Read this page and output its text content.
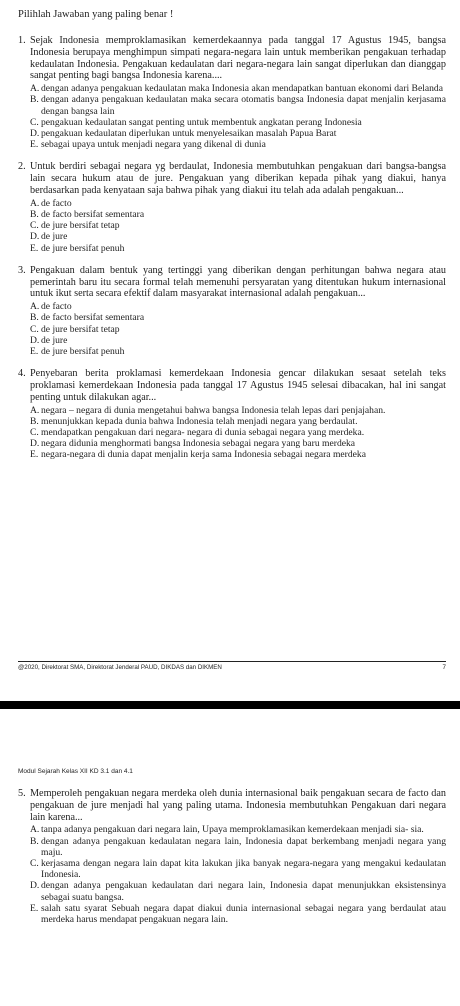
Pilihlah Jawaban yang paling benar !
1. Sejak Indonesia memproklamasikan kemerdekaannya pada tanggal 17 Agustus 1945, bangsa Indonesia berupaya menghimpun simpati negara-negara lain untuk memberikan pengakuan terhadap kedaulatan Indonesia. Pengakuan kedaulatan dari negara-negara lain sangat diperlukan dan dianggap sangat penting bagi bangsa Indonesia karena....
A. dengan adanya pengakuan kedaulatan maka Indonesia akan mendapatkan bantuan ekonomi dari Belanda
B. dengan adanya pengakuan kedaulatan maka secara otomatis bangsa Indonesia dapat menjalin kerjasama dengan bangsa lain
C. pengakuan kedaulatan sangat penting untuk membentuk angkatan perang Indonesia
D. pengakuan kedaulatan diperlukan untuk menyelesaikan masalah Papua Barat
E. sebagai upaya untuk menjadi negara yang dikenal di dunia
2. Untuk berdiri sebagai negara yg berdaulat, Indonesia membutuhkan pengakuan dari bangsa-bangsa lain secara hukum atau de jure. Pengakuan yang diberikan kepada pihak yang diakui, hanya berdasarkan pada kenyataan saja bahwa pihak yang diakui itu telah ada adalah pengakuan...
A. de facto
B. de facto bersifat sementara
C. de jure bersifat tetap
D. de jure
E. de jure bersifat penuh
3. Pengakuan dalam bentuk yang tertinggi yang diberikan dengan perhitungan bahwa negara atau pemerintah baru itu secara formal telah memenuhi persyaratan yang ditentukan hukum internasional untuk ikut serta secara efektif dalam masyarakat internasional adalah pengakuan...
A. de facto
B. de facto bersifat sementara
C. de jure bersifat tetap
D. de jure
E. de jure bersifat penuh
4. Penyebaran berita proklamasi kemerdekaan Indonesia gencar dilakukan sesaat setelah teks proklamasi kemerdekaan Indonesia pada tanggal 17 Agustus 1945 selesai dibacakan, hal ini sangat penting untuk dilakukan agar...
A. negara – negara di dunia mengetahui bahwa bangsa Indonesia telah lepas dari penjajahan.
B. menunjukkan kepada dunia bahwa Indonesia telah menjadi negara yang berdaulat.
C. mendapatkan pengakuan dari negara- negara di dunia sebagai negara yang merdeka.
D. negara didunia menghormati bangsa Indonesia sebagai negara yang baru merdeka
E. negara-negara di dunia dapat menjalin kerja sama Indonesia sebagai negara merdeka
@2020, Direktorat SMA, Direktorat Jenderal PAUD, DIKDAS dan DIKMEN	7
Modul Sejarah Kelas XII KD 3.1 dan 4.1
5. Memperoleh pengakuan negara merdeka oleh dunia internasional baik pengakuan secara de facto dan pengakuan de jure menjadi hal yang paling utama. Indonesia membutuhkan Pengakuan dari negara lain karena...
A. tanpa adanya pengakuan dari negara lain, Upaya memproklamasikan kemerdekaan menjadi sia- sia.
B. dengan adanya pengakuan kedaulatan negara lain, Indonesia dapat berkembang menjadi negara yang maju.
C. kerjasama dengan negara lain dapat kita lakukan jika banyak negara-negara yang mengakui kedaulatan Indonesia.
D. dengan adanya pengakuan kedaulatan dari negara lain, Indonesia dapat menunjukkan eksistensinya sebagai suatu bangsa.
E. salah satu syarat Sebuah negara dapat diakui dunia internasional sebagai negara yang berdaulat atau merdeka harus mendapat pengakuan negara lain.
